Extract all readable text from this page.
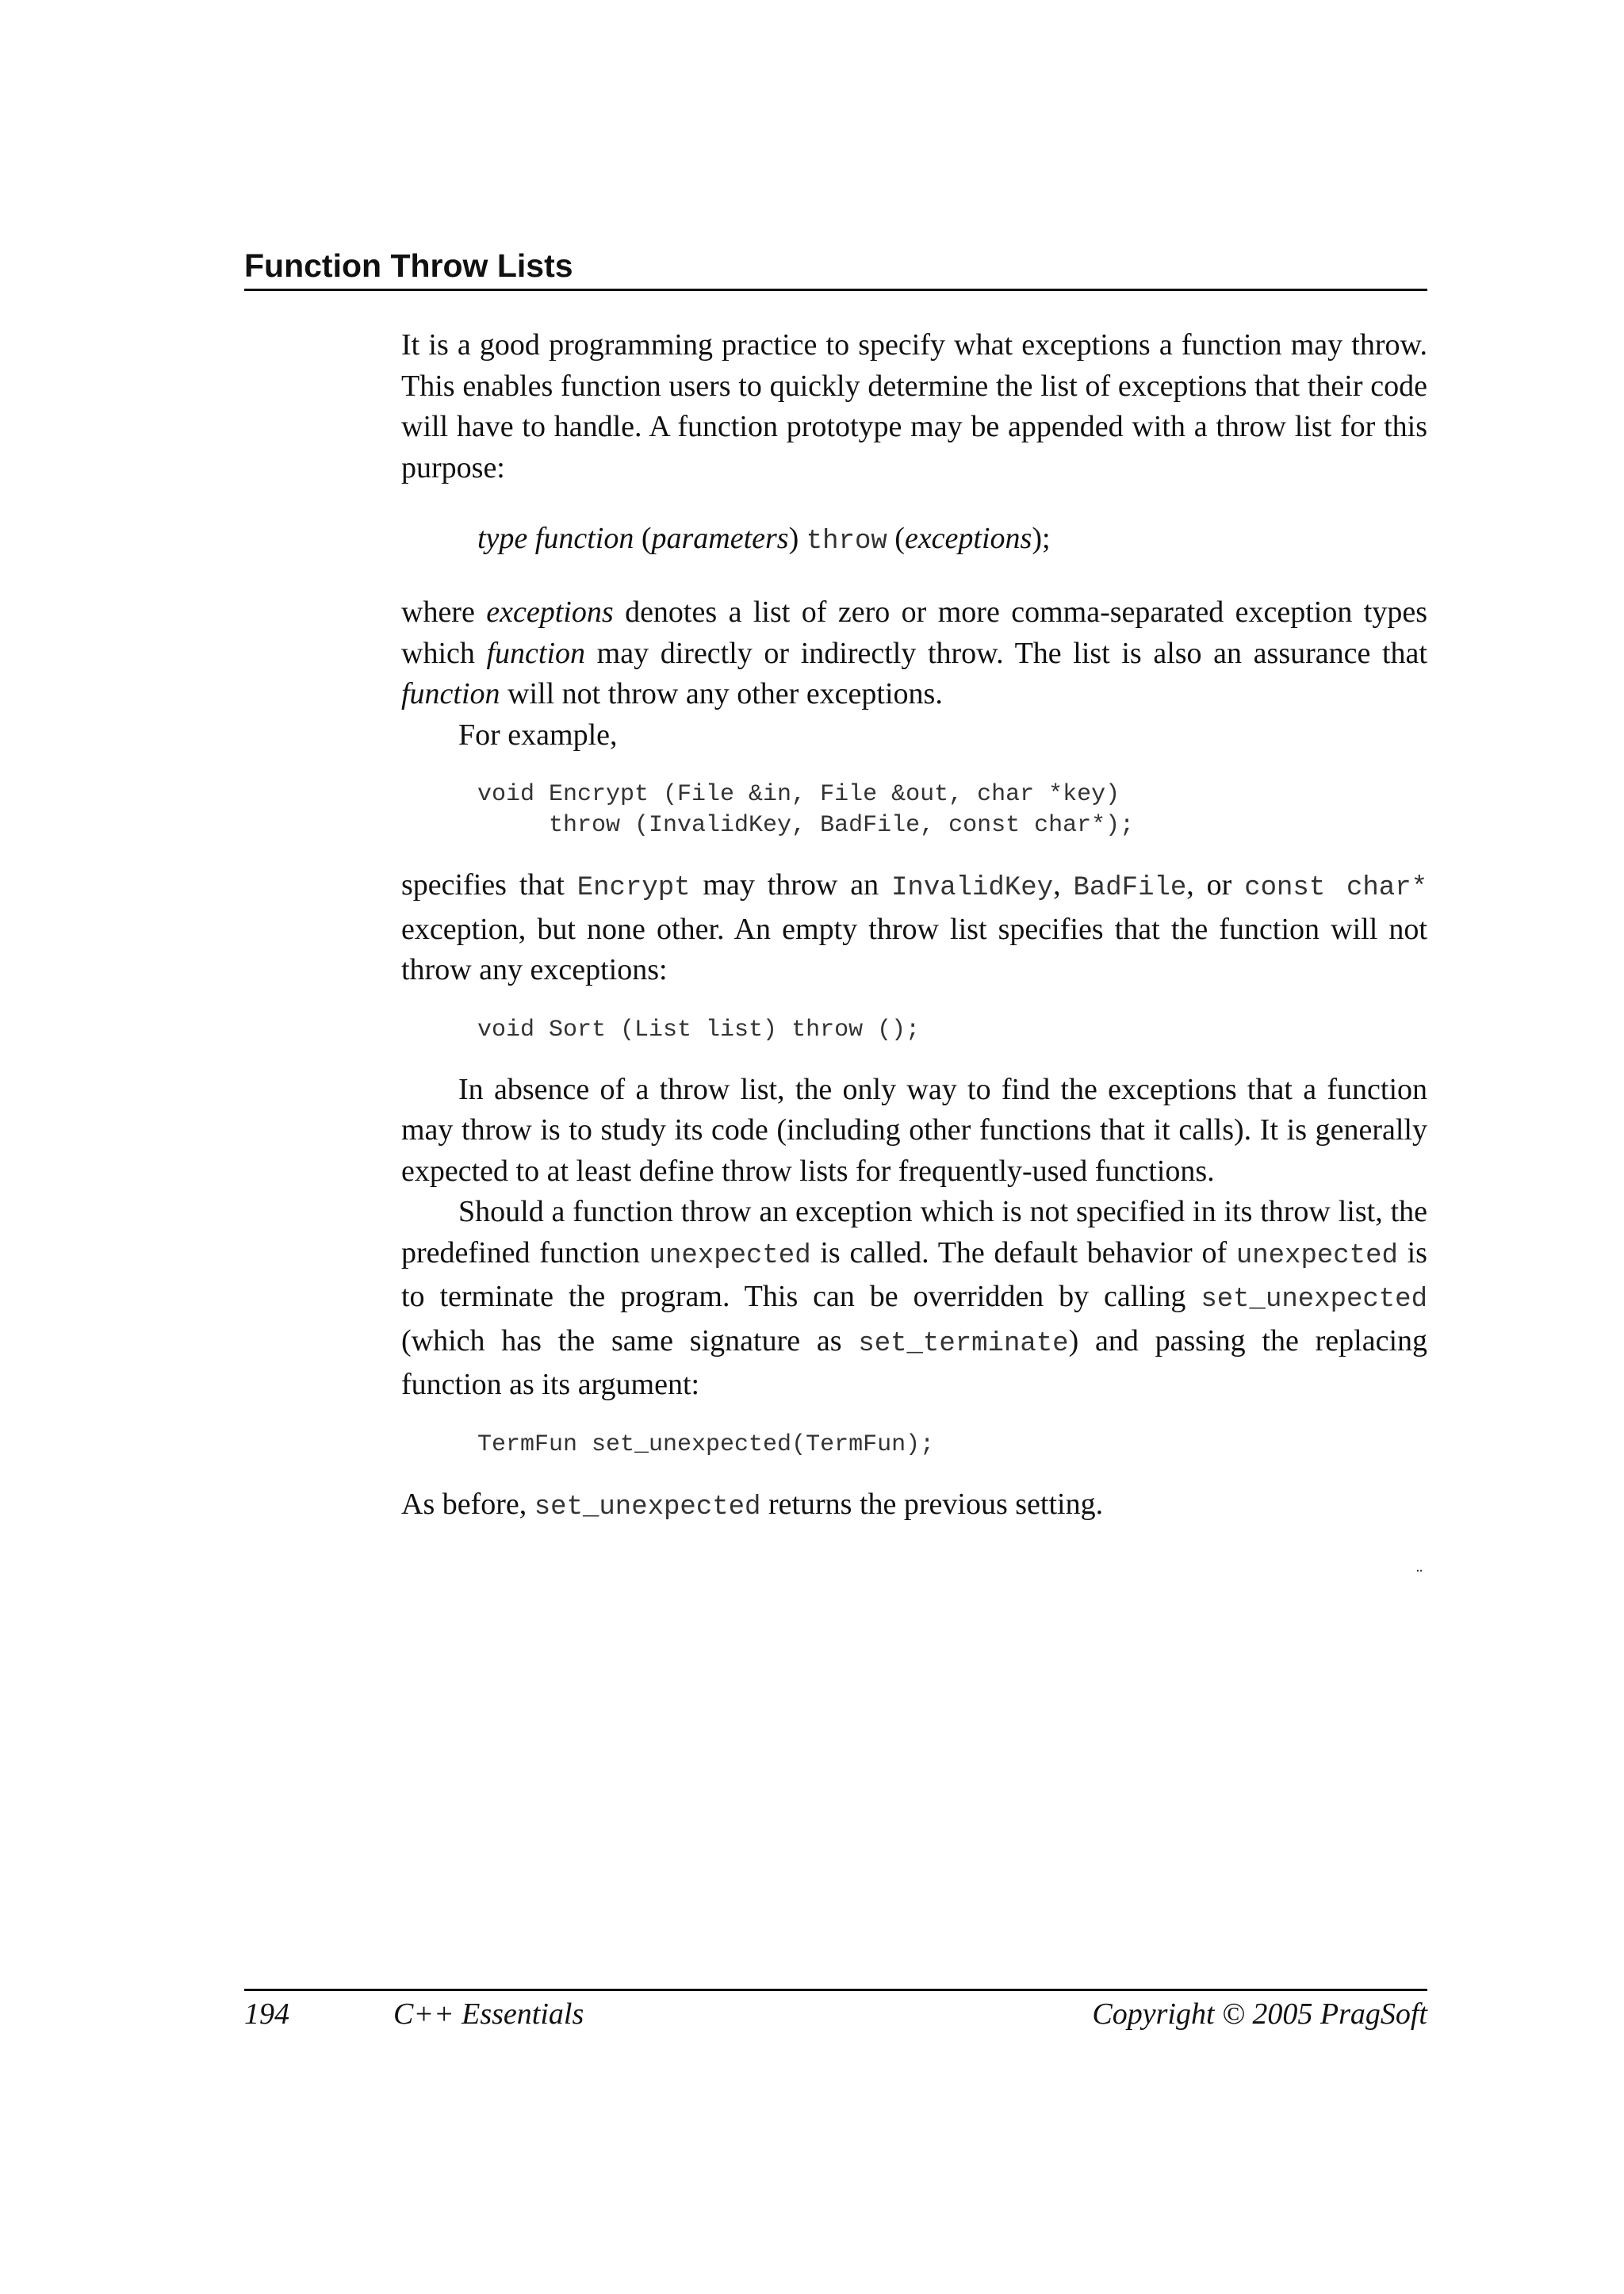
Function Throw Lists

It is a good programming practice to specify what exceptions a function may throw. This enables function users to quickly determine the list of exceptions that their code will have to handle. A function prototype may be appended with a throw list for this purpose:

type function (parameters) throw (exceptions);

where exceptions denotes a list of zero or more comma-separated exception types which function may directly or indirectly throw. The list is also an assurance that function will not throw any other exceptions.

For example,

void Encrypt (File &in, File &out, char *key)
throw (InvalidKey, BadFile, const char*);

specifies that Encrypt may throw an InvalidKey, BadFile, or const char* exception, but none other. An empty throw list specifies that the function will not throw any exceptions:

void Sort (List list) throw ();

In absence of a throw list, the only way to find the exceptions that a function may throw is to study its code (including other functions that it calls). It is generally expected to at least define throw lists for frequently-used functions.

Should a function throw an exception which is not specified in its throw list, the predefined function unexpected is called. The default behavior of unexpected is to terminate the program. This can be overridden by calling set_unexpected (which has the same signature as set_terminate) and passing the replacing function as its argument:

TermFun set_unexpected(TermFun);

As before, set_unexpected returns the previous setting.

¨
194	C++ Essentials	Copyright © 2005 PragSoft
